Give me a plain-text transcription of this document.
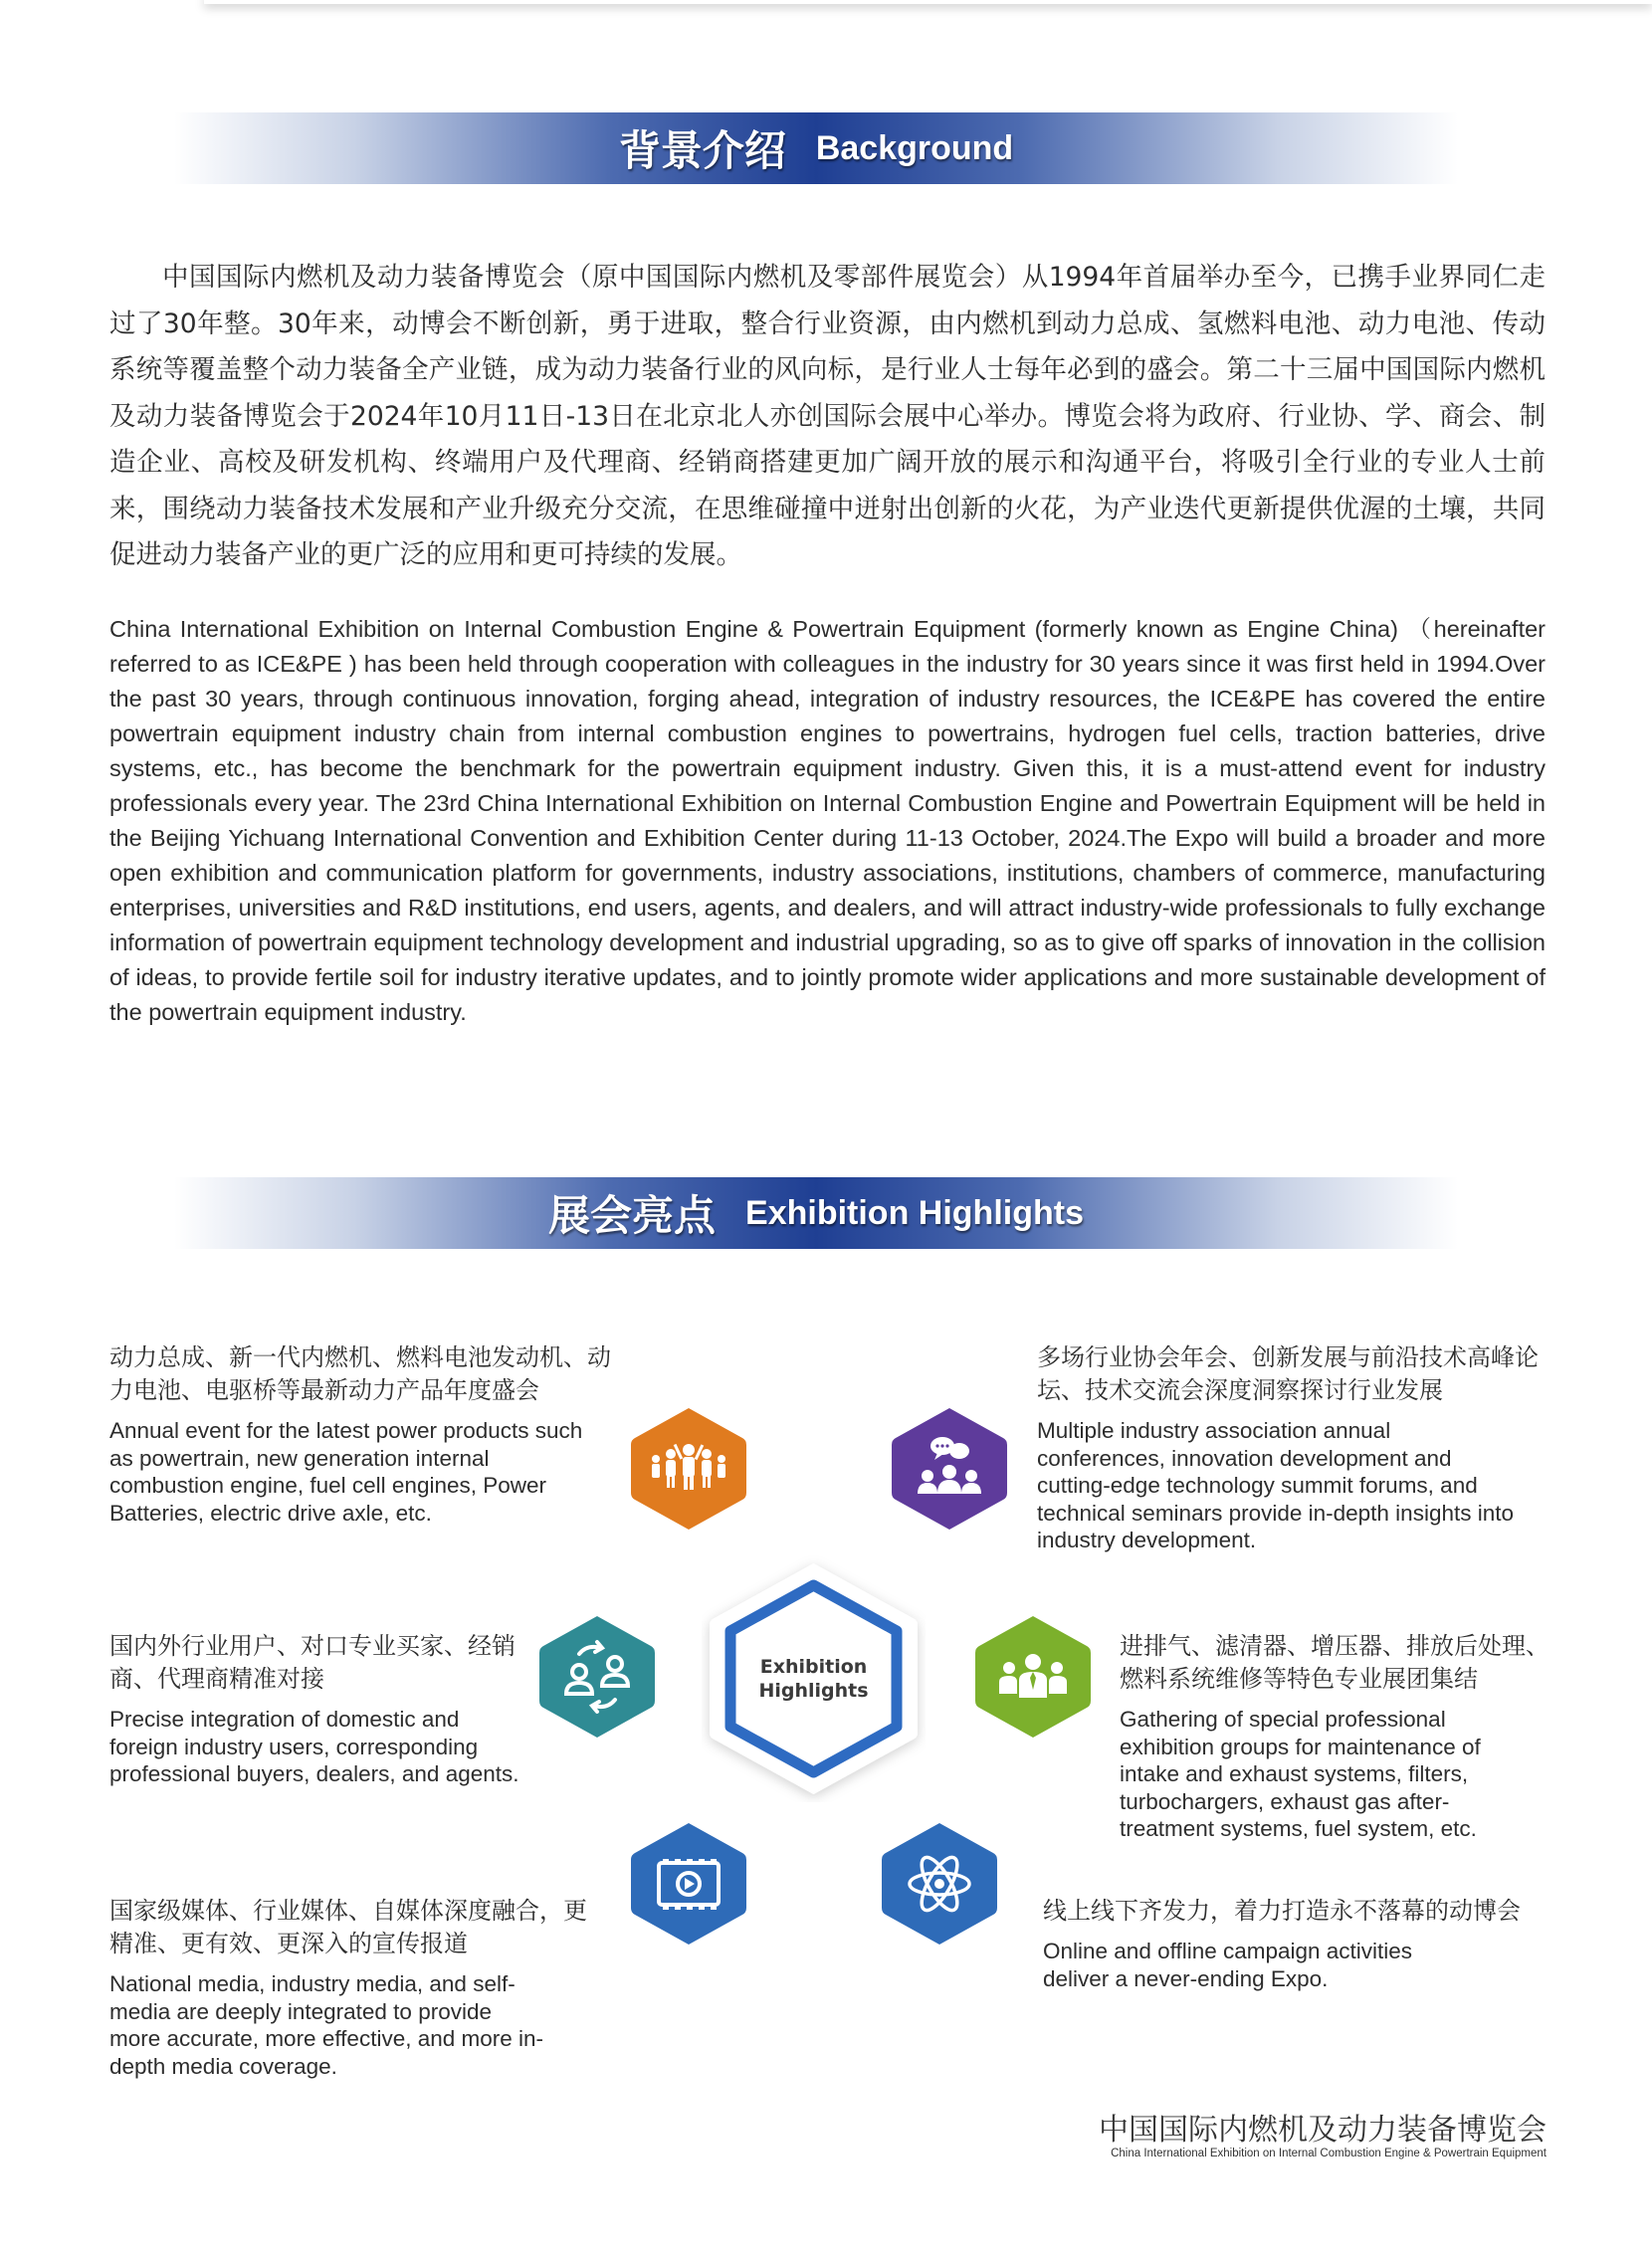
背景介绍 Background

中国国际内燃机及动力装备博览会（原中国国际内燃机及零部件展览会）从1994年首届举办至今，已携手业界同仁走过了30年整。30年来，动博会不断创新，勇于进取，整合行业资源，由内燃机到动力总成、氢燃料电池、动力电池、传动系统等覆盖整个动力装备全产业链，成为动力装备行业的风向标，是行业人士每年必到的盛会。第二十三届中国国际内燃机及动力装备博览会于2024年10月11日-13日在北京北人亦创国际会展中心举办。博览会将为政府、行业协、学、商会、制造企业、高校及研发机构、终端用户及代理商、经销商搭建更加广阔开放的展示和沟通平台，将吸引全行业的专业人士前来，围绕动力装备技术发展和产业升级充分交流，在思维碰撞中迸射出创新的火花，为产业迭代更新提供优渥的土壤，共同促进动力装备产业的更广泛的应用和更可持续的发展。

China International Exhibition on Internal Combustion Engine & Powertrain Equipment (formerly known as Engine China) （hereinafter referred to as ICE&PE ) has been held through cooperation with colleagues in the industry for 30 years since it was first held in 1994.Over the past 30 years, through continuous innovation, forging ahead, integration of industry resources, the ICE&PE has covered the entire powertrain equipment industry chain from internal combustion engines to powertrains, hydrogen fuel cells, traction batteries, drive systems, etc., has become the benchmark for the powertrain equipment industry. Given this, it is a must-attend event for industry professionals every year. The 23rd China International Exhibition on Internal Combustion Engine and Powertrain Equipment will be held in the Beijing Yichuang International Convention and Exhibition Center during 11-13 October, 2024.The Expo will build a broader and more open exhibition and communication platform for governments, industry associations, institutions, chambers of commerce, manufacturing enterprises, universities and R&D institutions, end users, agents, and dealers, and will attract industry-wide professionals to fully exchange information of powertrain equipment technology development and industrial upgrading, so as to give off sparks of innovation in the collision of ideas, to provide fertile soil for industry iterative updates, and to jointly promote wider applications and more sustainable development of the powertrain equipment industry.

展会亮点 Exhibition Highlights
动力总成、新一代内燃机、燃料电池发动机、动力电池、电驱桥等最新动力产品年度盛会
Annual event for the latest power products such as powertrain, new generation internal combustion engine, fuel cell engines, Power Batteries, electric drive axle, etc.
多场行业协会年会、创新发展与前沿技术高峰论坛、技术交流会深度洞察探讨行业发展
Multiple industry association annual conferences, innovation development and cutting-edge technology summit forums, and technical seminars provide in-depth insights into industry development.
国内外行业用户、对口专业买家、经销商、代理商精准对接
Precise integration of domestic and foreign industry users, corresponding professional buyers, dealers, and agents.
进排气、滤清器、增压器、排放后处理、燃料系统维修等特色专业展团集结
Gathering of special professional exhibition groups for maintenance of intake and exhaust systems, filters, turbochargers, exhaust gas after-treatment systems, fuel system, etc.
国家级媒体、行业媒体、自媒体深度融合，更精准、更有效、更深入的宣传报道
National media, industry media, and self-media are deeply integrated to provide more accurate, more effective, and more in-depth media coverage.
线上线下齐发力，着力打造永不落幕的动博会
Online and offline campaign activities deliver a never-ending Expo.
Exhibition
Highlights
中国国际内燃机及动力装备博览会
China International Exhibition on Internal Combustion Engine & Powertrain Equipment
